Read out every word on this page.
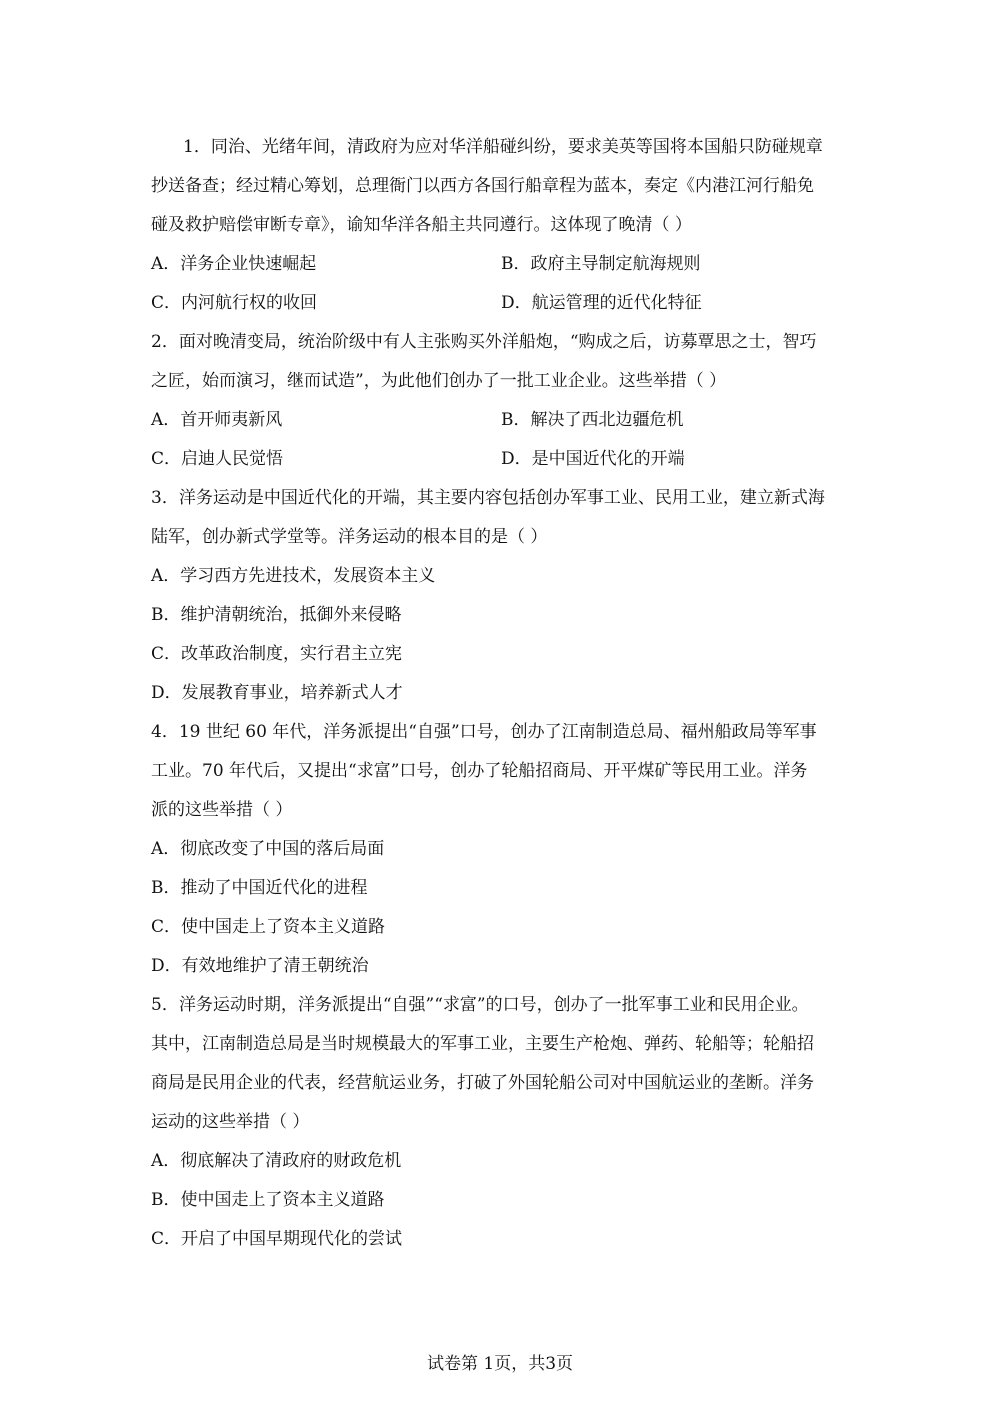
1．同治、光绪年间，清政府为应对华洋船碰纠纷，要求美英等国将本国船只防碰规章
抄送备查；经过精心筹划，总理衙门以西方各国行船章程为蓝本，奏定《内港江河行船免
碰及救护赔偿审断专章》，谕知华洋各船主共同遵行。这体现了晚清（ ）
A．洋务企业快速崛起	B．政府主导制定航海规则
C．内河航行权的收回	D．航运管理的近代化特征
2．面对晚清变局，统治阶级中有人主张购买外洋船炮，“购成之后，访募覃思之士，智巧
之匠，始而演习，继而试造”，为此他们创办了一批工业企业。这些举措（ ）
A．首开师夷新风	B．解决了西北边疆危机
C．启迪人民觉悟	D．是中国近代化的开端
3．洋务运动是中国近代化的开端，其主要内容包括创办军事工业、民用工业，建立新式海
陆军，创办新式学堂等。洋务运动的根本目的是（ ）
A．学习西方先进技术，发展资本主义
B．维护清朝统治，抵御外来侵略
C．改革政治制度，实行君主立宪
D．发展教育事业，培养新式人才
4．19 世纪 60 年代，洋务派提出“自强”口号，创办了江南制造总局、福州船政局等军事
工业。70 年代后，又提出“求富”口号，创办了轮船招商局、开平煤矿等民用工业。洋务
派的这些举措（ ）
A．彻底改变了中国的落后局面
B．推动了中国近代化的进程
C．使中国走上了资本主义道路
D．有效地维护了清王朝统治
5．洋务运动时期，洋务派提出“自强”“求富”的口号，创办了一批军事工业和民用企业。
其中，江南制造总局是当时规模最大的军事工业，主要生产枪炮、弹药、轮船等；轮船招
商局是民用企业的代表，经营航运业务，打破了外国轮船公司对中国航运业的垄断。洋务
运动的这些举措（ ）
A．彻底解决了清政府的财政危机
B．使中国走上了资本主义道路
C．开启了中国早期现代化的尝试
试卷第 1页，共3页
